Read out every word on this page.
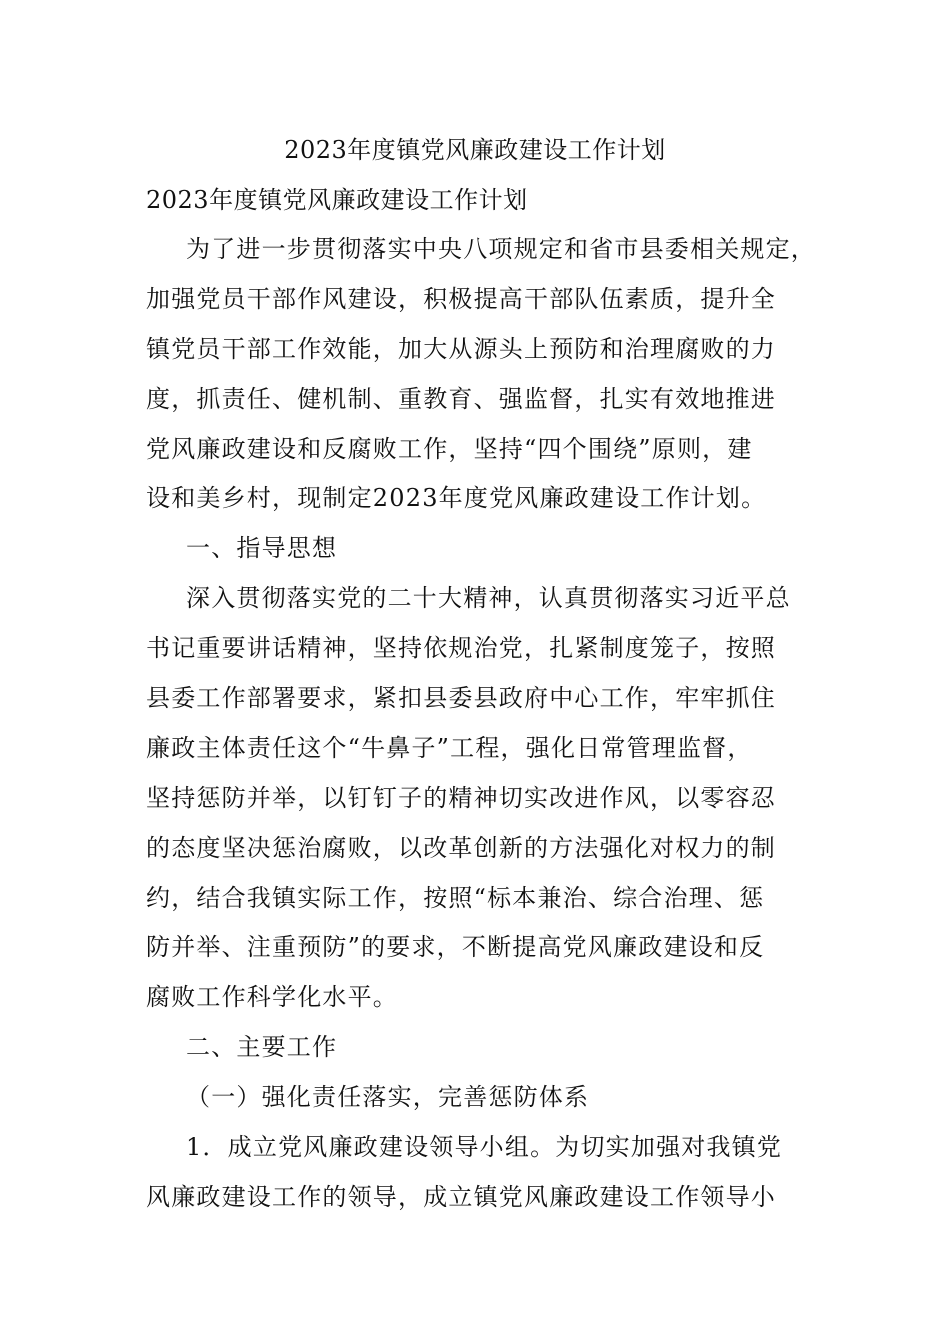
2023年度镇党风廉政建设工作计划
2023年度镇党风廉政建设工作计划
为了进一步贯彻落实中央八项规定和省市县委相关规定，
加强党员干部作风建设，积极提高干部队伍素质，提升全
镇党员干部工作效能，加大从源头上预防和治理腐败的力
度，抓责任、健机制、重教育、强监督，扎实有效地推进
党风廉政建设和反腐败工作，坚持“四个围绕”原则，建
设和美乡村，现制定2023年度党风廉政建设工作计划。
一、指导思想
深入贯彻落实党的二十大精神，认真贯彻落实习近平总
书记重要讲话精神，坚持依规治党，扎紧制度笼子，按照
县委工作部署要求，紧扣县委县政府中心工作，牢牢抓住
廉政主体责任这个“牛鼻子”工程，强化日常管理监督，
坚持惩防并举，以钉钉子的精神切实改进作风，以零容忍
的态度坚决惩治腐败，以改革创新的方法强化对权力的制
约，结合我镇实际工作，按照“标本兼治、综合治理、惩
防并举、注重预防”的要求，不断提高党风廉政建设和反
腐败工作科学化水平。
二、主要工作
（一）强化责任落实，完善惩防体系
1．成立党风廉政建设领导小组。为切实加强对我镇党
风廉政建设工作的领导，成立镇党风廉政建设工作领导小
